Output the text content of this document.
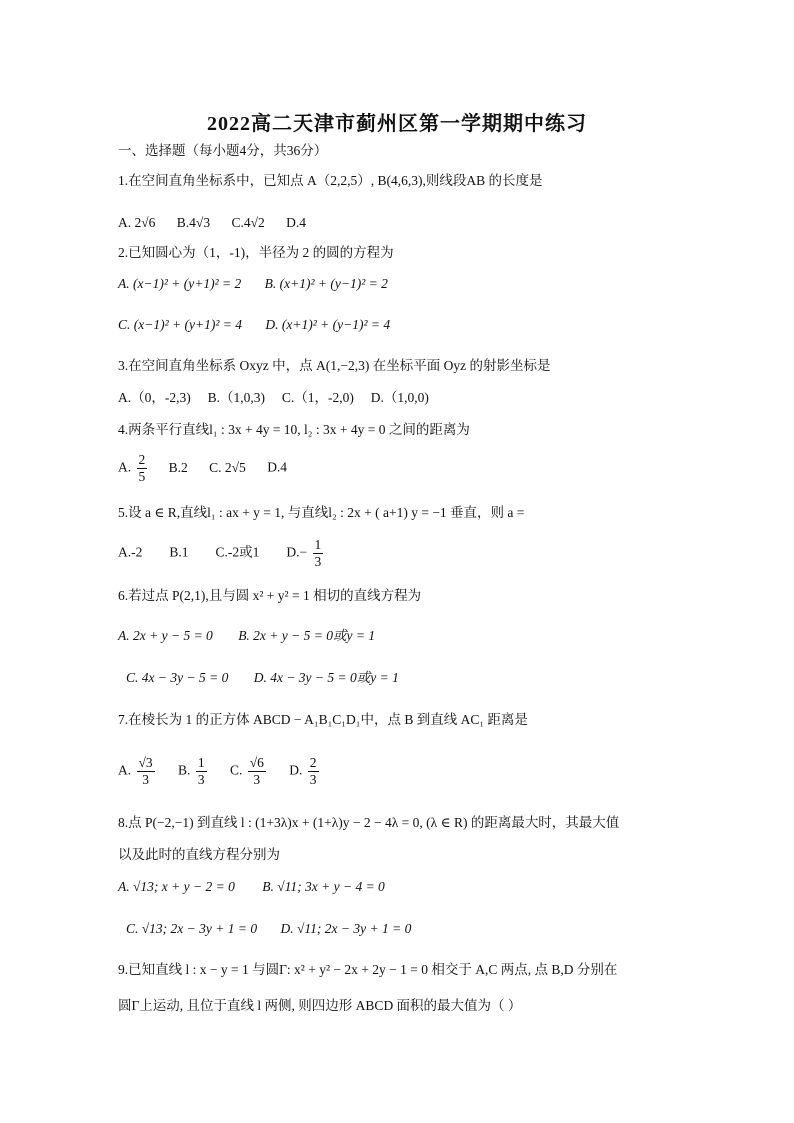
2022高二天津市蓟州区第一学期期中练习
一、选择题（每小题4分，共36分）
1.在空间直角坐标系中，已知点 A（2,2,5）, B(4,6,3),则线段AB 的长度是
A. 2√6 B.4√3 C.4√2 D.4
2.已知圆心为（1，-1)，半径为 2 的圆的方程为
A. (x−1)² + (y+1)² = 2 B. (x+1)² + (y−1)² = 2
C. (x−1)² + (y+1)² = 4 D. (x+1)² + (y−1)² = 4
3.在空间直角坐标系 Oxyz 中，点 A(1,−2,3) 在坐标平面 Oyz 的射影坐标是
A.（0，-2,3)　 B.（1,0,3)　 C.（1，-2,0)　 D.（1,0,0)
4.两条平行直线l₁ : 3x + 4y = 10, l₂ : 3x + 4y = 0 之间的距离为
A. $\frac{2}{5} B.2$ C. 2√5 D.4
5.设 a ∈ R,直线l₁ : ax + y = 1, 与直线l₂ : 2x + ( a+1) y = −1 垂直，则 a =
A.-2　　B.1　　C.-2或1　　$D.- \frac{1}{3}$
6.若过点 P(2,1),且与圆 x² + y² = 1 相切的直线方程为
A. 2x + y − 5 = 0 B. 2x + y − 5 = 0或y = 1
C. 4x − 3y − 5 = 0 D. 4x − 3y − 5 = 0或y = 1
7.在棱长为 1 的正方体 ABCD − A₁B₁C₁D₁中，点 B 到直线 AC₁ 距离是
A. $\frac{√3}{3} B$. $\frac{1}{3} C$. $\frac{√6}{3} D$. $\frac{2}{3}$
8.点 P(−2,−1) 到直线 l : (1+3λ)x + (1+λ)y − 2 − 4λ = 0, (λ ∈ R) 的距离最大时，其最大值
以及此时的直线方程分别为
A. √13; x + y − 2 = 0 B. √11; 3x + y − 4 = 0
C. √13; 2x − 3y + 1 = 0 D. √11; 2x − 3y + 1 = 0
9.已知直线 l : x − y = 1 与圆Γ: x² + y² − 2x + 2y − 1 = 0 相交于 A,C 两点, 点 B,D 分别在
圆Γ上运动, 且位于直线 l 两侧, 则四边形 ABCD 面积的最大值为（ ）
